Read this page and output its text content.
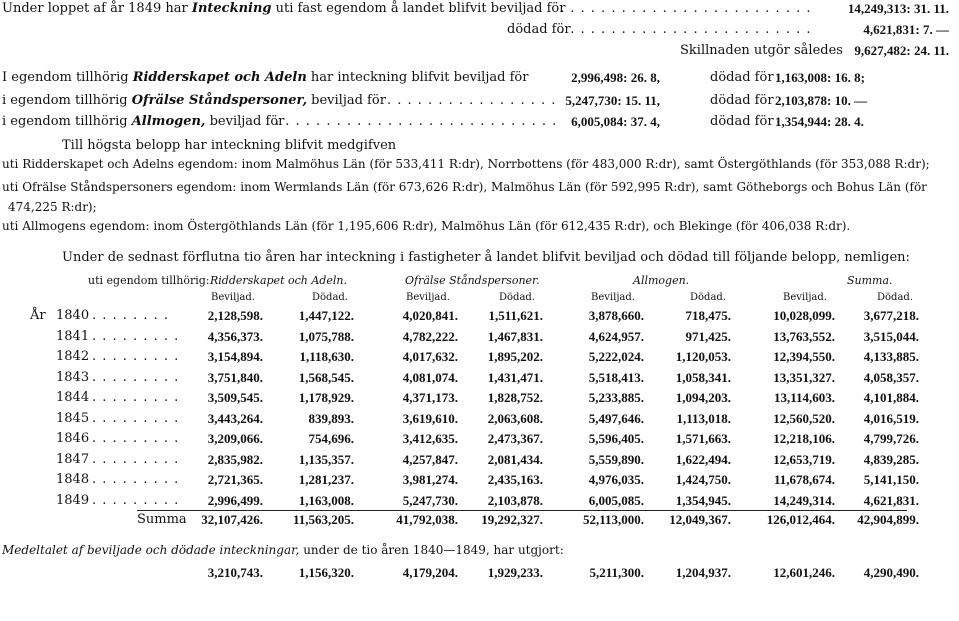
Under loppet af år 1849 har Inteckning uti fast egendom å landet blifvit beviljad för . . .	14,249,313: 31. 11.
dödad för . . .	4,621,831: 7. —
Skillnaden utgör således 9,627,482: 24. 11.
I egendom tillhörig Ridderskapet och Adeln har inteckning blifvit beviljad för	2,996,498: 26. 8,	dödad för 1,163,008: 16. 8;
i egendom tillhörig Ofrälse Ståndspersoner, beviljad för . . .	5,247,730: 15. 11,	dödad för 2,103,878: 10. —
i egendom tillhörig Allmogen, beviljad för . . .	6,005,084: 37. 4,	dödad för 1,354,944: 28. 4.
Till högsta belopp har inteckning blifvit medgifven
uti Ridderskapet och Adelns egendom: inom Malmöhus Län (för 533,411 R:dr), Norrbottens (för 483,000 R:dr), samt Östergöthlands (för 353,088 R:dr);
uti Ofrälse Ståndspersoners egendom: inom Wermlands Län (för 673,626 R:dr), Malmöhus Län (för 592,995 R:dr), samt Götheborgs och Bohus Län (för
474,225 R:dr);
uti Allmogens egendom: inom Östergöthlands Län (för 1,195,606 R:dr), Malmöhus Län (för 612,435 R:dr), och Blekinge (för 406,038 R:dr).
Under de sednast förflutna tio åren har inteckning i fastigheter å landet blifvit beviljad och dödad till följande belopp, nemligen:
uti egendom tillhörig: Ridderskapet och Adeln.	Ofrälse Ståndspersoner.	Allmogen.	Summa.
Beviljad.	Dödad.	Beviljad.	Dödad.	Beviljad.	Dödad.	Beviljad.	Dödad.
År 1840 . . .	2,128,598.	1,447,122.	4,020,841. 1,511,621.	3,878,660.	718,475.	10,028,099. 3,677,218.
1841 . . .	4,356,373.	1,075,788.	4,782,222. 1,467,831.	4,624,957.	971,425.	13,763,552. 3,515,044.
1842 . . .	3,154,894.	1,118,630.	4,017,632. 1,895,202.	5,222,024. 1,120,053.	12,394,550. 4,133,885.
1843 . . .	3,751,840.	1,568,545.	4,081,074. 1,431,471.	5,518,413. 1,058,341.	13,351,327. 4,058,357.
1844 . . .	3,509,545.	1,178,929.	4,371,173. 1,828,752.	5,233,885. 1,094,203.	13,114,603. 4,101,884.
1845 . . .	3,443,264.	839,893.	3,619,610. 2,063,608.	5,497,646. 1,113,018.	12,560,520. 4,016,519.
1846 . . .	3,209,066.	754,696.	3,412,635. 2,473,367.	5,596,405. 1,571,663.	12,218,106. 4,799,726.
1847 . . .	2,835,982.	1,135,357.	4,257,847. 2,081,434.	5,559,890. 1,622,494.	12,653,719. 4,839,285.
1848 . . .	2,721,365.	1,281,237.	3,981,274. 2,435,163.	4,976,035. 1,424,750.	11,678,674. 5,141,150.
1849 . . .	2,996,499.	1,163,008.	5,247,730. 2,103,878.	6,005,085. 1,354,945.	14,249,314. 4,621,831.
Summa 32,107,426. 11,563,205.	41,792,038. 19,292,327.	52,113,000. 12,049,367.	126,012,464. 42,904,899.
Medeltalet af beviljade och dödade inteckningar, under de tio åren 1840—1849, har utgjort:
3,210,743.	1,156,320.	4,179,204. 1,929,233.	5,211,300. 1,204,937.	12,601,246. 4,290,490.
